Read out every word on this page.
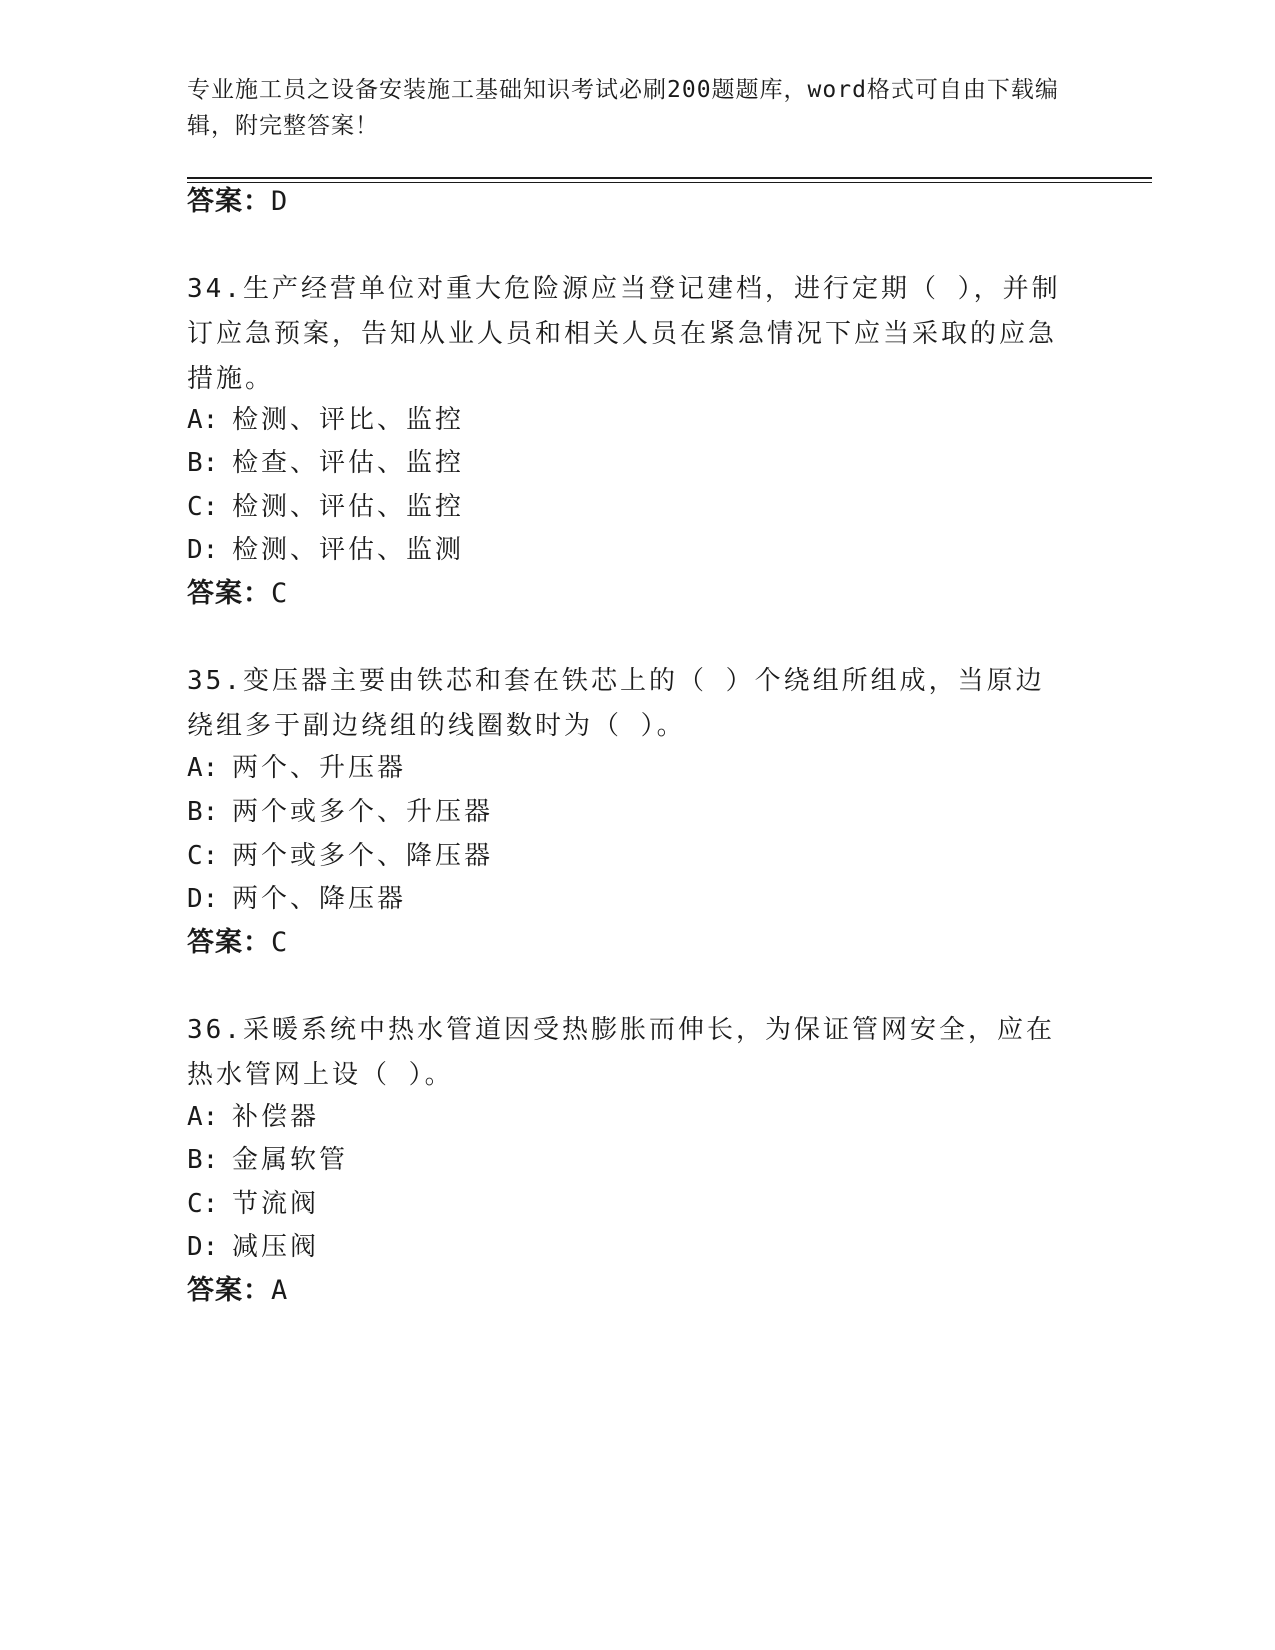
专业施工员之设备安装施工基础知识考试必刷200题题库，word格式可自由下载编辑，附完整答案！
答案：D
34.生产经营单位对重大危险源应当登记建档，进行定期（ ），并制订应急预案，告知从业人员和相关人员在紧急情况下应当采取的应急措施。
A: 检测、评比、监控
B: 检查、评估、监控
C: 检测、评估、监控
D: 检测、评估、监测
答案：C
35.变压器主要由铁芯和套在铁芯上的（ ）个绕组所组成，当原边绕组多于副边绕组的线圈数时为（ ）。
A: 两个、升压器
B: 两个或多个、升压器
C: 两个或多个、降压器
D: 两个、降压器
答案：C
36.采暖系统中热水管道因受热膨胀而伸长，为保证管网安全，应在热水管网上设（ ）。
A: 补偿器
B: 金属软管
C: 节流阀
D: 减压阀
答案：A
